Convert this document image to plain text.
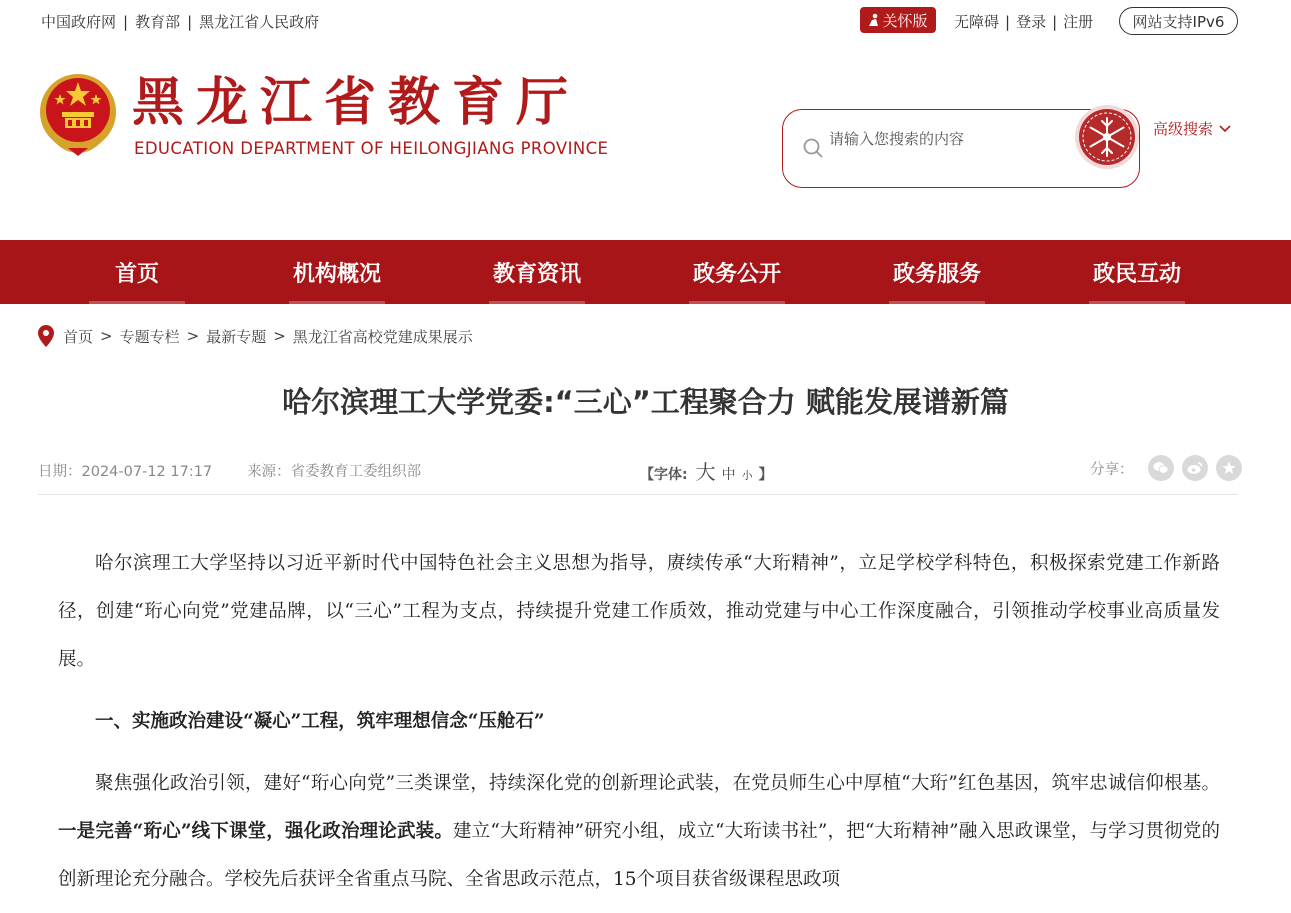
中国政府网 | 教育部 | 黑龙江省人民政府	关怀版 无障碍 | 登录 | 注册	网站支持IPv6
黑龙江省教育厅
EDUCATION DEPARTMENT OF HEILONGJIANG PROVINCE
请输入您搜索的内容
高级搜索
首页	机构概况	教育资讯	政务公开	政务服务	政民互动
首页 > 专题专栏 > 最新专题 > 黑龙江省高校党建成果展示
哈尔滨理工大学党委:“三心”工程聚合力 赋能发展谱新篇
日期：2024-07-12 17:17 来源：省委教育工委组织部	【字体: 大 中 小 】	分享：

哈尔滨理工大学坚持以习近平新时代中国特色社会主义思想为指导，赓续传承“大珩精神”，立足学校学科特色，积极探索党建工作新路径，创建“珩心向党”党建品牌，以“三心”工程为支点，持续提升党建工作质效，推动党建与中心工作深度融合，引领推动学校事业高质量发展。

一、实施政治建设“凝心”工程，筑牢理想信念“压舱石”

聚焦强化政治引领，建好“珩心向党”三类课堂，持续深化党的创新理论武装，在党员师生心中厚植“大珩”红色基因，筑牢忠诚信仰根基。一是完善“珩心”线下课堂，强化政治理论武装。建立“大珩精神”研究小组，成立“大珩读书社”，把“大珩精神”融入思政课堂，与学习贯彻党的创新理论充分融合。学校先后获评全省重点马院、全省思政示范点，15个项目获省级课程思政项
